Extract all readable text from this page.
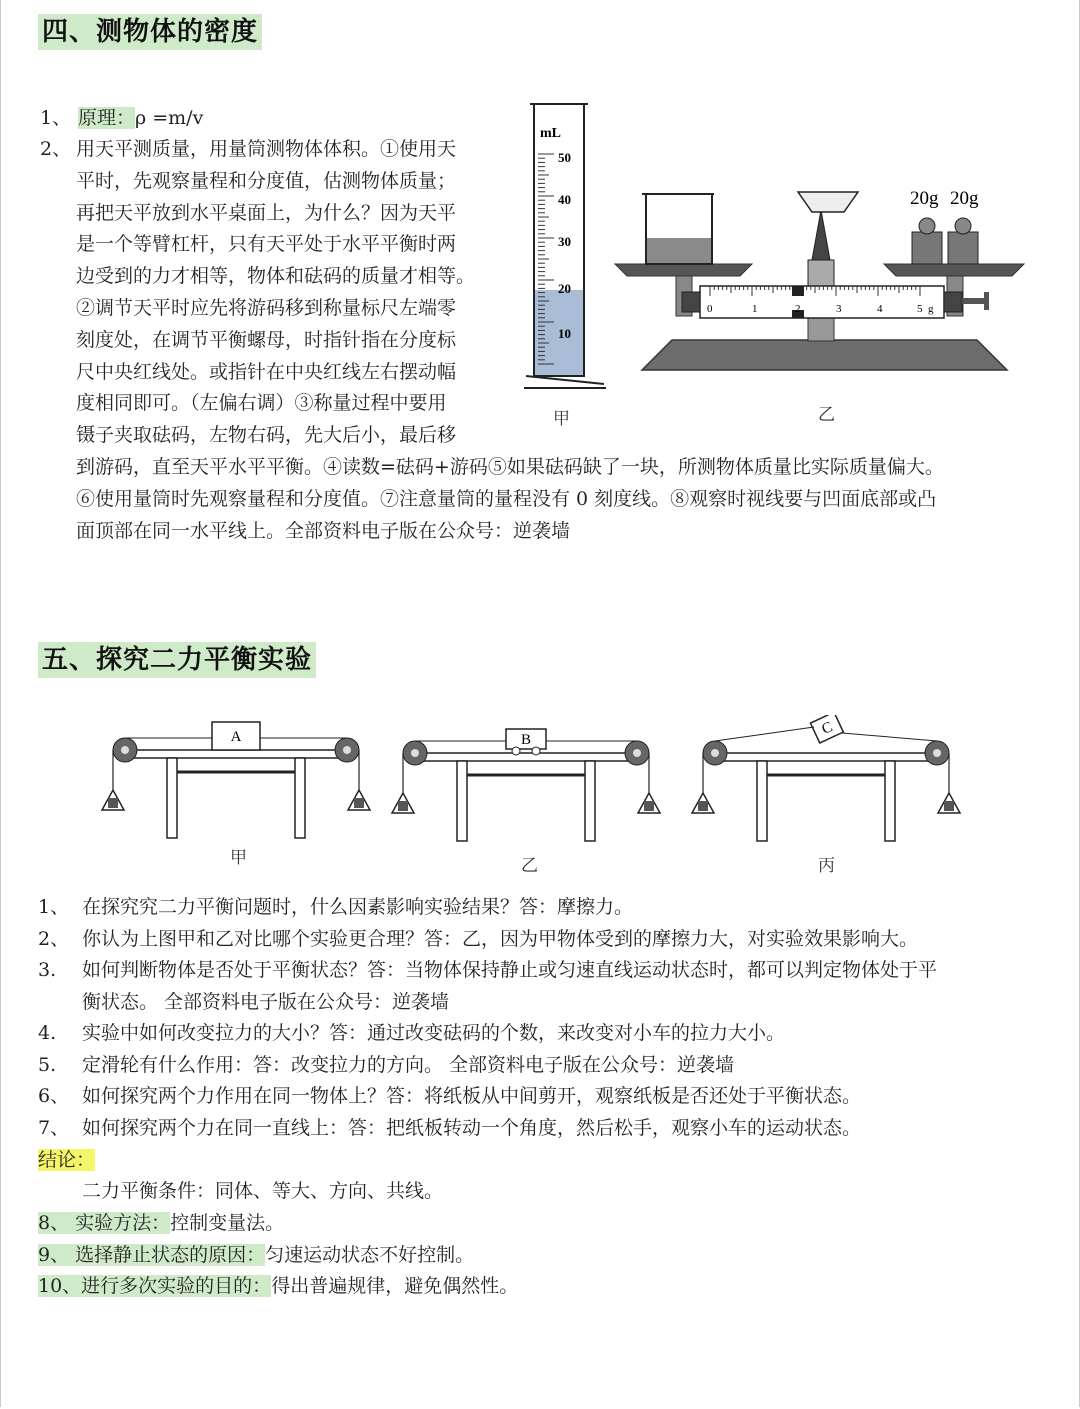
四、测物体的密度
1、 原理：ρ =m/v
2、 用天平测质量，用量筒测物体体积。①使用天
平时，先观察量程和分度值，估测物体质量；
再把天平放到水平桌面上，为什么？因为天平
是一个等臂杠杆，只有天平处于水平平衡时两
边受到的力才相等，物体和砝码的质量才相等。
②调节天平时应先将游码移到称量标尺左端零
刻度处，在调节平衡螺母，时指针指在分度标
尺中央红线处。或指针在中央红线左右摆动幅
度相同即可。（左偏右调）③称量过程中要用
镊子夹取砝码，左物右码，先大后小，最后移
到游码，直至天平水平平衡。④读数=砝码+游码⑤如果砝码缺了一块，所测物体质量比实际质量偏大。
⑥使用量筒时先观察量程和分度值。⑦注意量筒的量程没有 0 刻度线。⑧观察时视线要与凹面底部或凸
面顶部在同一水平线上。全部资料电子版在公众号：逆袭墙
mL
50
40
30
20
10
甲
20g 20g
0	1	2	3	4	5 g
乙
五、探究二力平衡实验
A	B
C
甲	乙	丙
1、 在探究究二力平衡问题时，什么因素影响实验结果？答：摩擦力。
2、 你认为上图甲和乙对比哪个实验更合理？答：乙，因为甲物体受到的摩擦力大，对实验效果影响大。
3. 如何判断物体是否处于平衡状态？答：当物体保持静止或匀速直线运动状态时，都可以判定物体处于平
衡状态。 全部资料电子版在公众号：逆袭墙
4. 实验中如何改变拉力的大小？答：通过改变砝码的个数，来改变对小车的拉力大小。
5. 定滑轮有什么作用：答：改变拉力的方向。 全部资料电子版在公众号：逆袭墙
6、 如何探究两个力作用在同一物体上？答：将纸板从中间剪开，观察纸板是否还处于平衡状态。
7、 如何探究两个力在同一直线上：答：把纸板转动一个角度，然后松手，观察小车的运动状态。
结论：
二力平衡条件：同体、等大、方向、共线。
8、 实验方法：控制变量法。
9、 选择静止状态的原因：匀速运动状态不好控制。
10、进行多次实验的目的：得出普遍规律，避免偶然性。
